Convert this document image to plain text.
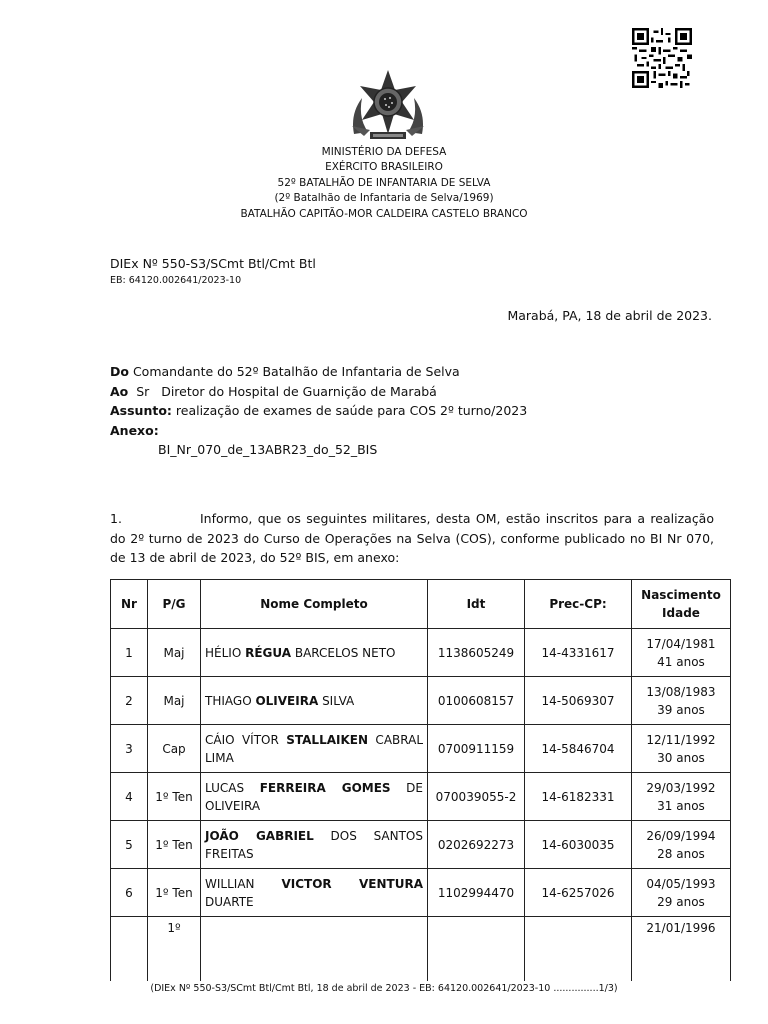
MINISTÉRIO DA DEFESA
EXÉRCITO BRASILEIRO
52º BATALHÃO DE INFANTARIA DE SELVA
(2º Batalhão de Infantaria de Selva/1969)
BATALHÃO CAPITÃO-MOR CALDEIRA CASTELO BRANCO
DIEx Nº 550-S3/SCmt Btl/Cmt Btl
EB: 64120.002641/2023-10
Marabá, PA, 18 de abril de 2023.
Do Comandante do 52º Batalhão de Infantaria de Selva
Ao  Sr   Diretor do Hospital de Guarnição de Marabá
Assunto: realização de exames de saúde para COS 2º turno/2023
Anexo:
BI_Nr_070_de_13ABR23_do_52_BIS
1.	Informo, que os seguintes militares, desta OM, estão inscritos para a realização do 2º turno de 2023 do Curso de Operações na Selva (COS), conforme publicado no BI Nr 070, de 13 de abril de 2023, do 52º BIS, em anexo:
Nr	P/G	Nome Completo	Idt	Prec-CP:	Nascimento
Idade

1	Maj	HÉLIO RÉGUA BARCELOS NETO	1138605249	14-4331617	17/04/1981
41 anos

2	Maj	THIAGO OLIVEIRA SILVA	0100608157	14-5069307	13/08/1983
39 anos

3	Cap	CÁIO VÍTOR STALLAIKEN CABRAL LIMA	0700911159	14-5846704	12/11/1992
30 anos

4	1º Ten	LUCAS FERREIRA GOMES DE OLIVEIRA	070039055-2	14-6182331	29/03/1992
31 anos

5	1º Ten	JOÃO GABRIEL DOS SANTOS FREITAS	0202692273	14-6030035	26/09/1994
28 anos

6	1º Ten	WILLIAN VICTOR VENTURA DUARTE	1102994470	14-6257026	04/05/1993
29 anos

	1º				21/01/1996
(DIEx Nº 550-S3/SCmt Btl/Cmt Btl, 18 de abril de 2023 - EB: 64120.002641/2023-10 ...............1/3)
